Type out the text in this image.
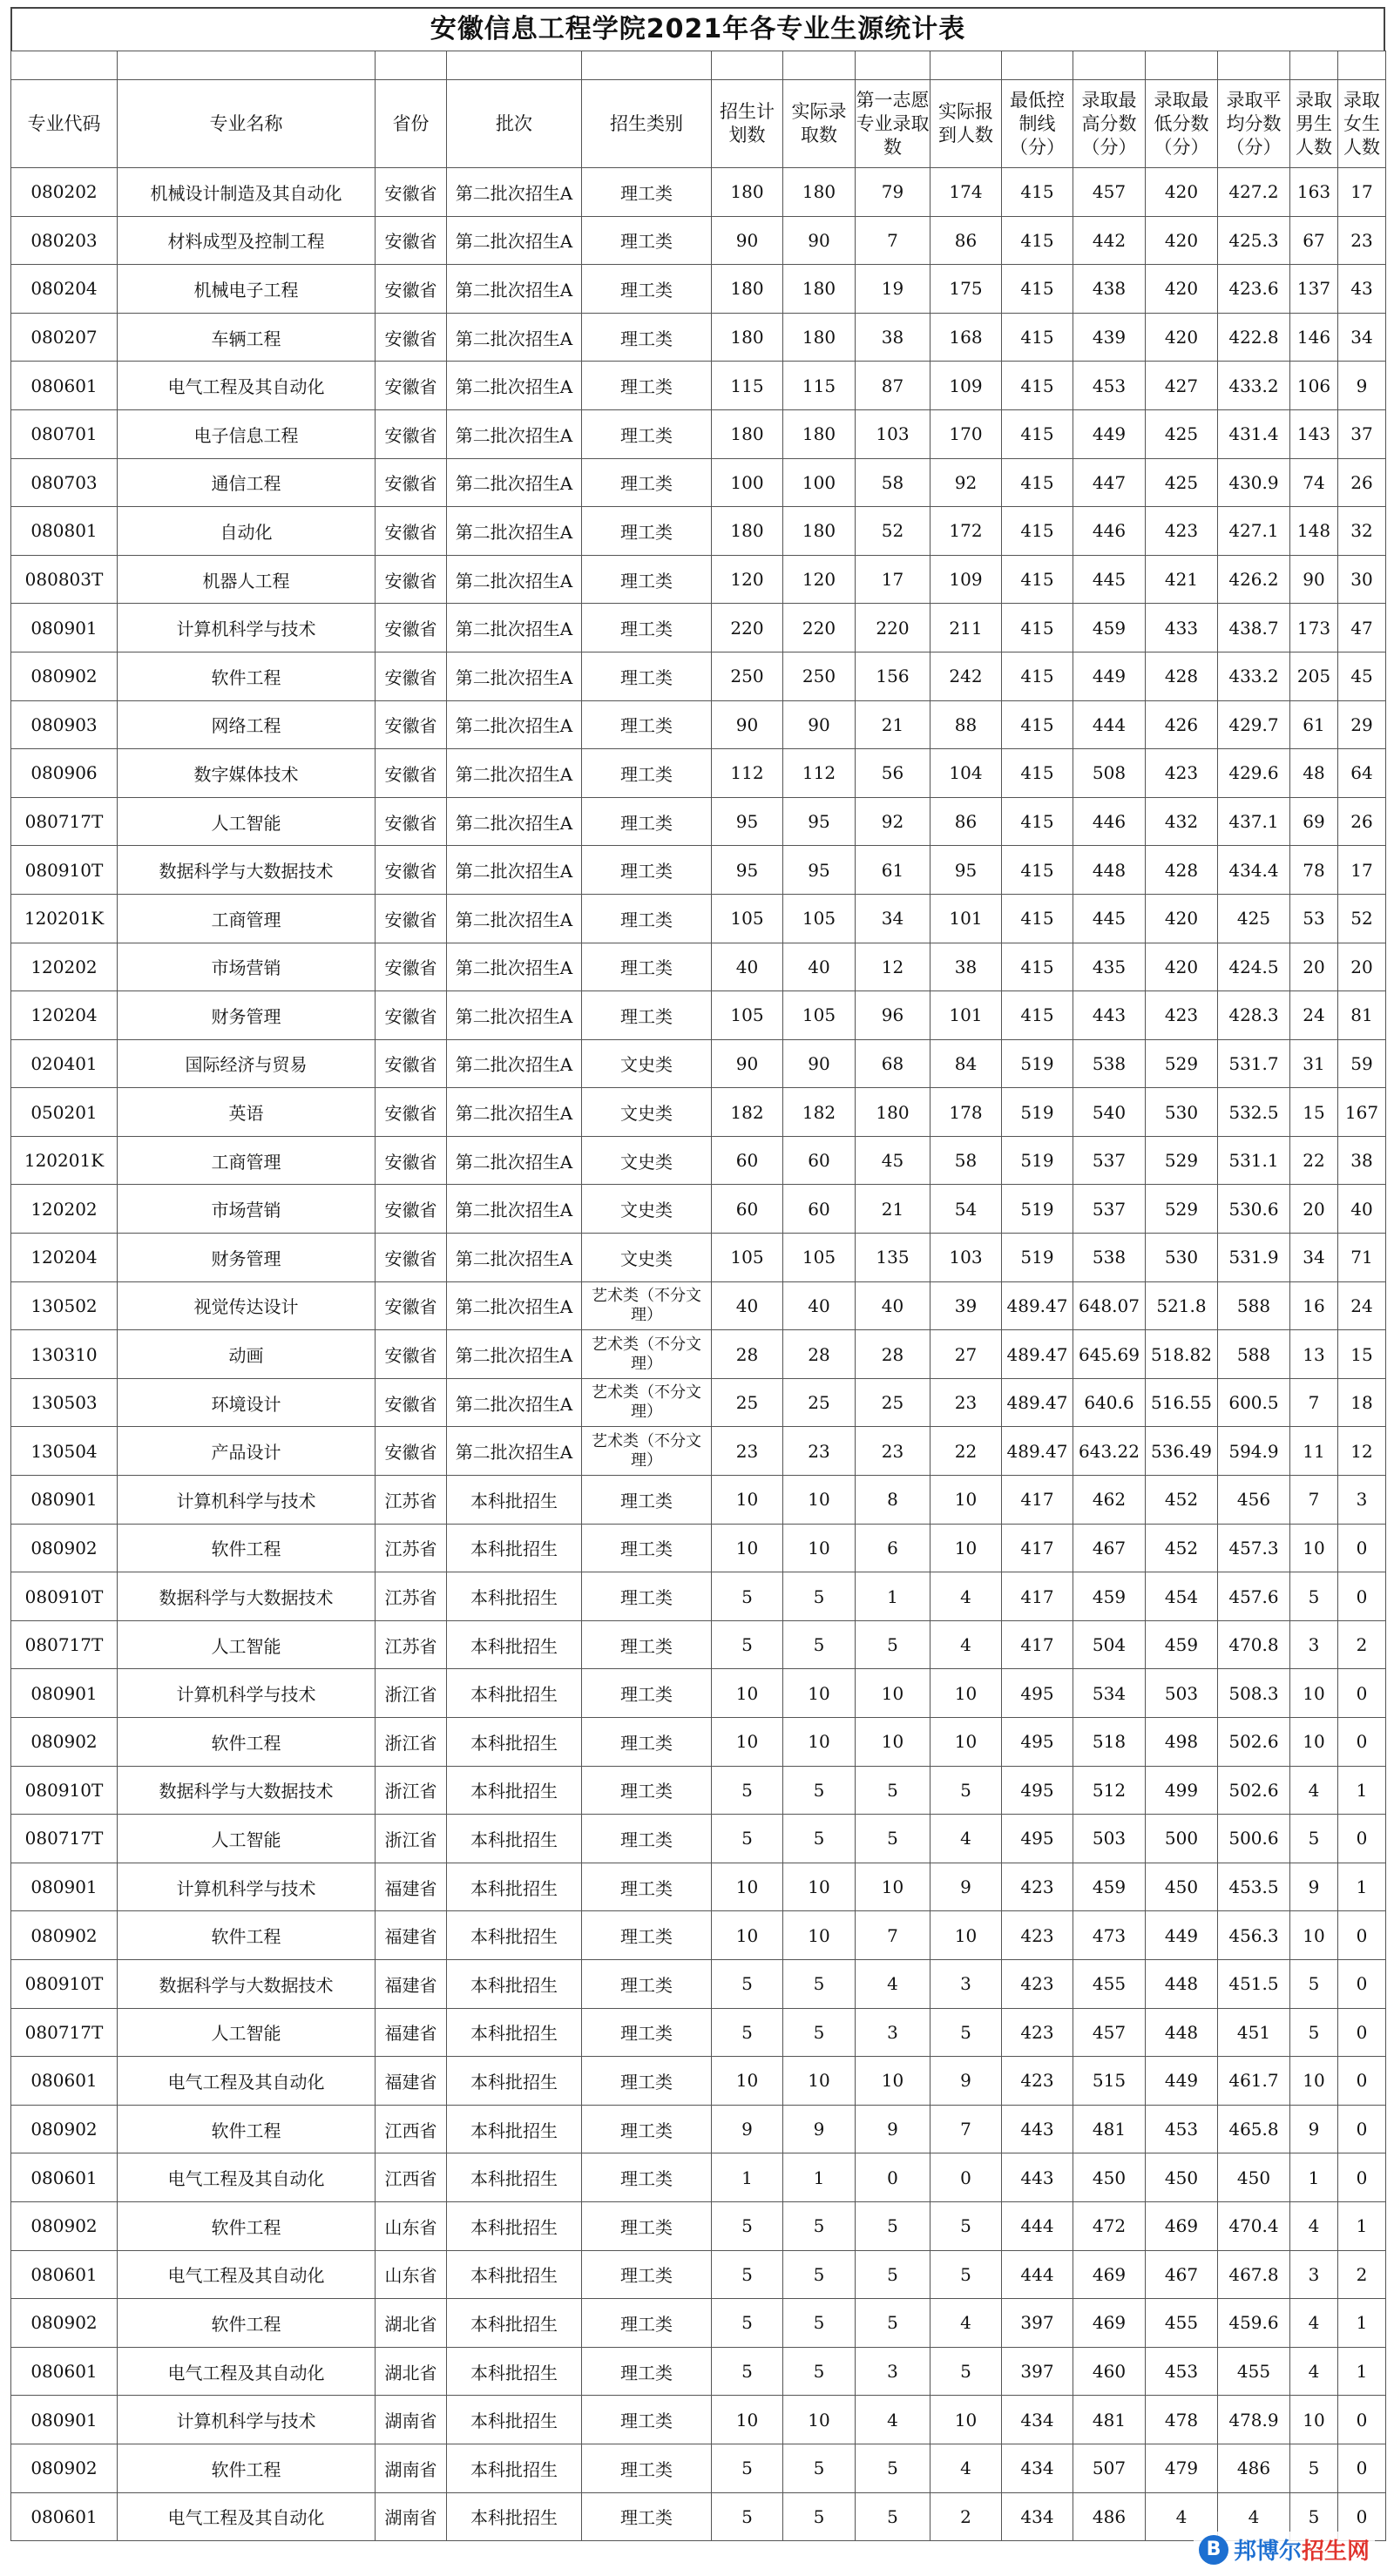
安徽信息工程学院2021年各专业生源统计表

专业代码	专业名称	省份	批次	招生类别	招生计划数	实际录取数	第一志愿专业录取数	实际报到人数	最低控制线（分）	录取最高分数（分）	录取最低分数（分）	录取平均分数（分）	录取男生人数	录取女生人数
080202	机械设计制造及其自动化	安徽省	第二批次招生A	理工类	180	180	79	174	415	457	420	427.2	163	17
080203	材料成型及控制工程	安徽省	第二批次招生A	理工类	90	90	7	86	415	442	420	425.3	67	23
080204	机械电子工程	安徽省	第二批次招生A	理工类	180	180	19	175	415	438	420	423.6	137	43
080207	车辆工程	安徽省	第二批次招生A	理工类	180	180	38	168	415	439	420	422.8	146	34
080601	电气工程及其自动化	安徽省	第二批次招生A	理工类	115	115	87	109	415	453	427	433.2	106	9
080701	电子信息工程	安徽省	第二批次招生A	理工类	180	180	103	170	415	449	425	431.4	143	37
080703	通信工程	安徽省	第二批次招生A	理工类	100	100	58	92	415	447	425	430.9	74	26
080801	自动化	安徽省	第二批次招生A	理工类	180	180	52	172	415	446	423	427.1	148	32
080803T	机器人工程	安徽省	第二批次招生A	理工类	120	120	17	109	415	445	421	426.2	90	30
080901	计算机科学与技术	安徽省	第二批次招生A	理工类	220	220	220	211	415	459	433	438.7	173	47
080902	软件工程	安徽省	第二批次招生A	理工类	250	250	156	242	415	449	428	433.2	205	45
080903	网络工程	安徽省	第二批次招生A	理工类	90	90	21	88	415	444	426	429.7	61	29
080906	数字媒体技术	安徽省	第二批次招生A	理工类	112	112	56	104	415	508	423	429.6	48	64
080717T	人工智能	安徽省	第二批次招生A	理工类	95	95	92	86	415	446	432	437.1	69	26
080910T	数据科学与大数据技术	安徽省	第二批次招生A	理工类	95	95	61	95	415	448	428	434.4	78	17
120201K	工商管理	安徽省	第二批次招生A	理工类	105	105	34	101	415	445	420	425	53	52
120202	市场营销	安徽省	第二批次招生A	理工类	40	40	12	38	415	435	420	424.5	20	20
120204	财务管理	安徽省	第二批次招生A	理工类	105	105	96	101	415	443	423	428.3	24	81
020401	国际经济与贸易	安徽省	第二批次招生A	文史类	90	90	68	84	519	538	529	531.7	31	59
050201	英语	安徽省	第二批次招生A	文史类	182	182	180	178	519	540	530	532.5	15	167
120201K	工商管理	安徽省	第二批次招生A	文史类	60	60	45	58	519	537	529	531.1	22	38
120202	市场营销	安徽省	第二批次招生A	文史类	60	60	21	54	519	537	529	530.6	20	40
120204	财务管理	安徽省	第二批次招生A	文史类	105	105	135	103	519	538	530	531.9	34	71
130502	视觉传达设计	安徽省	第二批次招生A	艺术类（不分文理）	40	40	40	39	489.47	648.07	521.8	588	16	24
130310	动画	安徽省	第二批次招生A	艺术类（不分文理）	28	28	28	27	489.47	645.69	518.82	588	13	15
130503	环境设计	安徽省	第二批次招生A	艺术类（不分文理）	25	25	25	23	489.47	640.6	516.55	600.5	7	18
130504	产品设计	安徽省	第二批次招生A	艺术类（不分文理）	23	23	23	22	489.47	643.22	536.49	594.9	11	12
080901	计算机科学与技术	江苏省	本科批招生	理工类	10	10	8	10	417	462	452	456	7	3
080902	软件工程	江苏省	本科批招生	理工类	10	10	6	10	417	467	452	457.3	10	0
080910T	数据科学与大数据技术	江苏省	本科批招生	理工类	5	5	1	4	417	459	454	457.6	5	0
080717T	人工智能	江苏省	本科批招生	理工类	5	5	5	4	417	504	459	470.8	3	2
080901	计算机科学与技术	浙江省	本科批招生	理工类	10	10	10	10	495	534	503	508.3	10	0
080902	软件工程	浙江省	本科批招生	理工类	10	10	10	10	495	518	498	502.6	10	0
080910T	数据科学与大数据技术	浙江省	本科批招生	理工类	5	5	5	5	495	512	499	502.6	4	1
080717T	人工智能	浙江省	本科批招生	理工类	5	5	5	4	495	503	500	500.6	5	0
080901	计算机科学与技术	福建省	本科批招生	理工类	10	10	10	9	423	459	450	453.5	9	1
080902	软件工程	福建省	本科批招生	理工类	10	10	7	10	423	473	449	456.3	10	0
080910T	数据科学与大数据技术	福建省	本科批招生	理工类	5	5	4	3	423	455	448	451.5	5	0
080717T	人工智能	福建省	本科批招生	理工类	5	5	3	5	423	457	448	451	5	0
080601	电气工程及其自动化	福建省	本科批招生	理工类	10	10	10	9	423	515	449	461.7	10	0
080902	软件工程	江西省	本科批招生	理工类	9	9	9	7	443	481	453	465.8	9	0
080601	电气工程及其自动化	江西省	本科批招生	理工类	1	1	0	0	443	450	450	450	1	0
080902	软件工程	山东省	本科批招生	理工类	5	5	5	5	444	472	469	470.4	4	1
080601	电气工程及其自动化	山东省	本科批招生	理工类	5	5	5	5	444	469	467	467.8	3	2
080902	软件工程	湖北省	本科批招生	理工类	5	5	5	4	397	469	455	459.6	4	1
080601	电气工程及其自动化	湖北省	本科批招生	理工类	5	5	3	5	397	460	453	455	4	1
080901	计算机科学与技术	湖南省	本科批招生	理工类	10	10	4	10	434	481	478	478.9	10	0
080902	软件工程	湖南省	本科批招生	理工类	5	5	5	4	434	507	479	486	5	0
080601	电气工程及其自动化	湖南省	本科批招生	理工类	5	5	5	2	434	486	4	4	5	0
B 邦博尔 招生网
